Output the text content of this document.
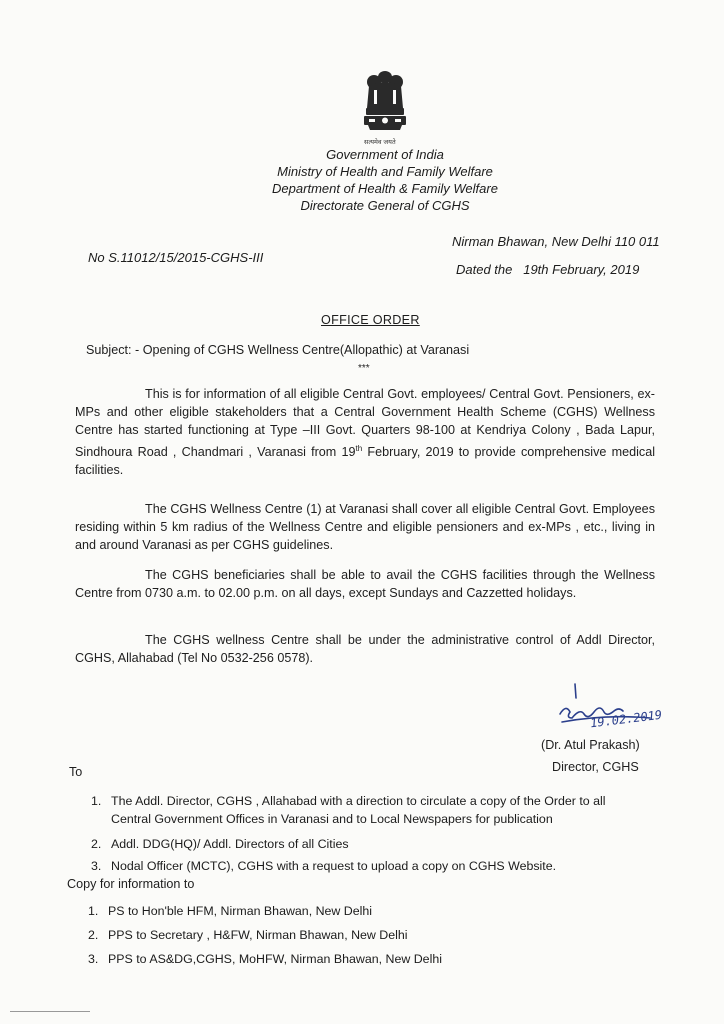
सत्यमेव जयते
Government of India
Ministry of Health and Family Welfare
Department of Health & Family Welfare
Directorate General of CGHS
No S.11012/15/2015-CGHS-III
Nirman Bhawan, New Delhi 110 011
Dated the 19th February, 2019
OFFICE ORDER
Subject: - Opening of CGHS Wellness Centre(Allopathic) at Varanasi
***
This is for information of all eligible Central Govt. employees/ Central Govt. Pensioners, ex-MPs and other eligible stakeholders that a Central Government Health Scheme (CGHS) Wellness Centre has started functioning at Type –III Govt. Quarters 98-100 at Kendriya Colony , Bada Lapur, Sindhoura Road , Chandmari , Varanasi from 19th February, 2019 to provide comprehensive medical facilities.
The CGHS Wellness Centre (1) at Varanasi shall cover all eligible Central Govt. Employees residing within 5 km radius of the Wellness Centre and eligible pensioners and ex-MPs , etc., living in and around Varanasi as per CGHS guidelines.
The CGHS beneficiaries shall be able to avail the CGHS facilities through the Wellness Centre from 0730 a.m. to 02.00 p.m. on all days, except Sundays and Cazzetted holidays.
The CGHS wellness Centre shall be under the administrative control of Addl Director, CGHS, Allahabad (Tel No 0532-256 0578).
19.02.2019
(Dr. Atul Prakash)
Director, CGHS
To
1. The Addl. Director, CGHS , Allahabad with a direction to circulate a copy of the Order to all
Central Government Offices in Varanasi and to Local Newspapers for publication
2. Addl. DDG(HQ)/ Addl. Directors of all Cities
3. Nodal Officer (MCTC), CGHS with a request to upload a copy on CGHS Website.
Copy for information to
1. PS to Hon'ble HFM, Nirman Bhawan, New Delhi
2. PPS to Secretary , H&FW, Nirman Bhawan, New Delhi
3. PPS to AS&DG,CGHS, MoHFW, Nirman Bhawan, New Delhi
